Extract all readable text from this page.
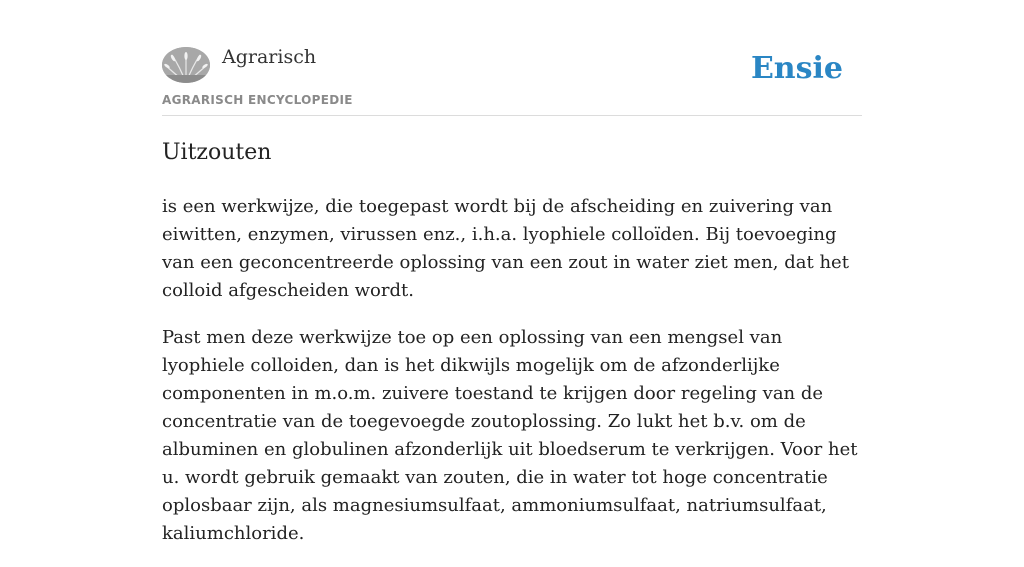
Agrarisch
AGRARISCH ENCYCLOPEDIE
Ensie
Uitzouten

is een werkwijze, die toegepast wordt bij de afscheiding en zuivering van eiwitten, enzymen, virussen enz., i.h.a. lyophiele colloïden. Bij toevoeging van een geconcentreerde oplossing van een zout in water ziet men, dat het colloid afgescheiden wordt.

Past men deze werkwijze toe op een oplossing van een mengsel van lyophiele colloiden, dan is het dikwijls mogelijk om de afzonderlijke componenten in m.o.m. zuivere toestand te krijgen door regeling van de concentratie van de toegevoegde zoutoplossing. Zo lukt het b.v. om de albuminen en globulinen afzonderlijk uit bloedserum te verkrijgen. Voor het u. wordt gebruik gemaakt van zouten, die in water tot hoge concentratie oplosbaar zijn, als magnesiumsulfaat, ammoniumsulfaat, natriumsulfaat, kaliumchloride.
